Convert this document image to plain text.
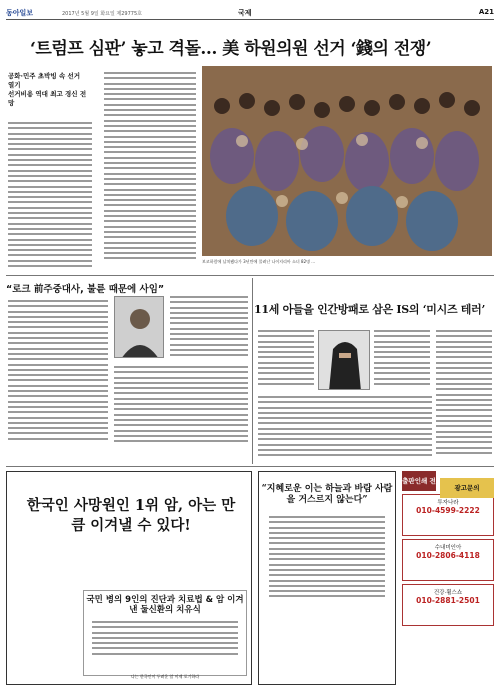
동아일보	2017년 5월 9일 화요일 제29775호	국제	A21
‘트럼프 심판’ 놓고 격돌… 美 하원의원 선거 ‘錢의 전쟁’
공화·민주 초박빙 속 선거 열기
선거비용 역대 최고 경신 전망
보코하람에 납치됐다가 3년만에 풀려난 나이지리아 소녀 82명 ...
“로크 前주중대사, 불륜 때문에 사임”
11세 아들을 인간방패로 삼은 IS의 ‘미시즈 테러’
한국인 사망원인 1위 암, 아는 만큼 이겨낼 수 있다!
국민 병의 9인의 진단과 치료법 & 암 이겨낸 둘신환의 치유식
나는 한국인이 두려운 암 이제 포기하라
“지혜로운 이는 하늘과 바람 사람을 거스르지 않는다”
출판인쇄 전문	투자나라
010-4599-2222
수내미인아
010-2806-4118
건강·휠스쇼
010-2881-2501
광고문의
